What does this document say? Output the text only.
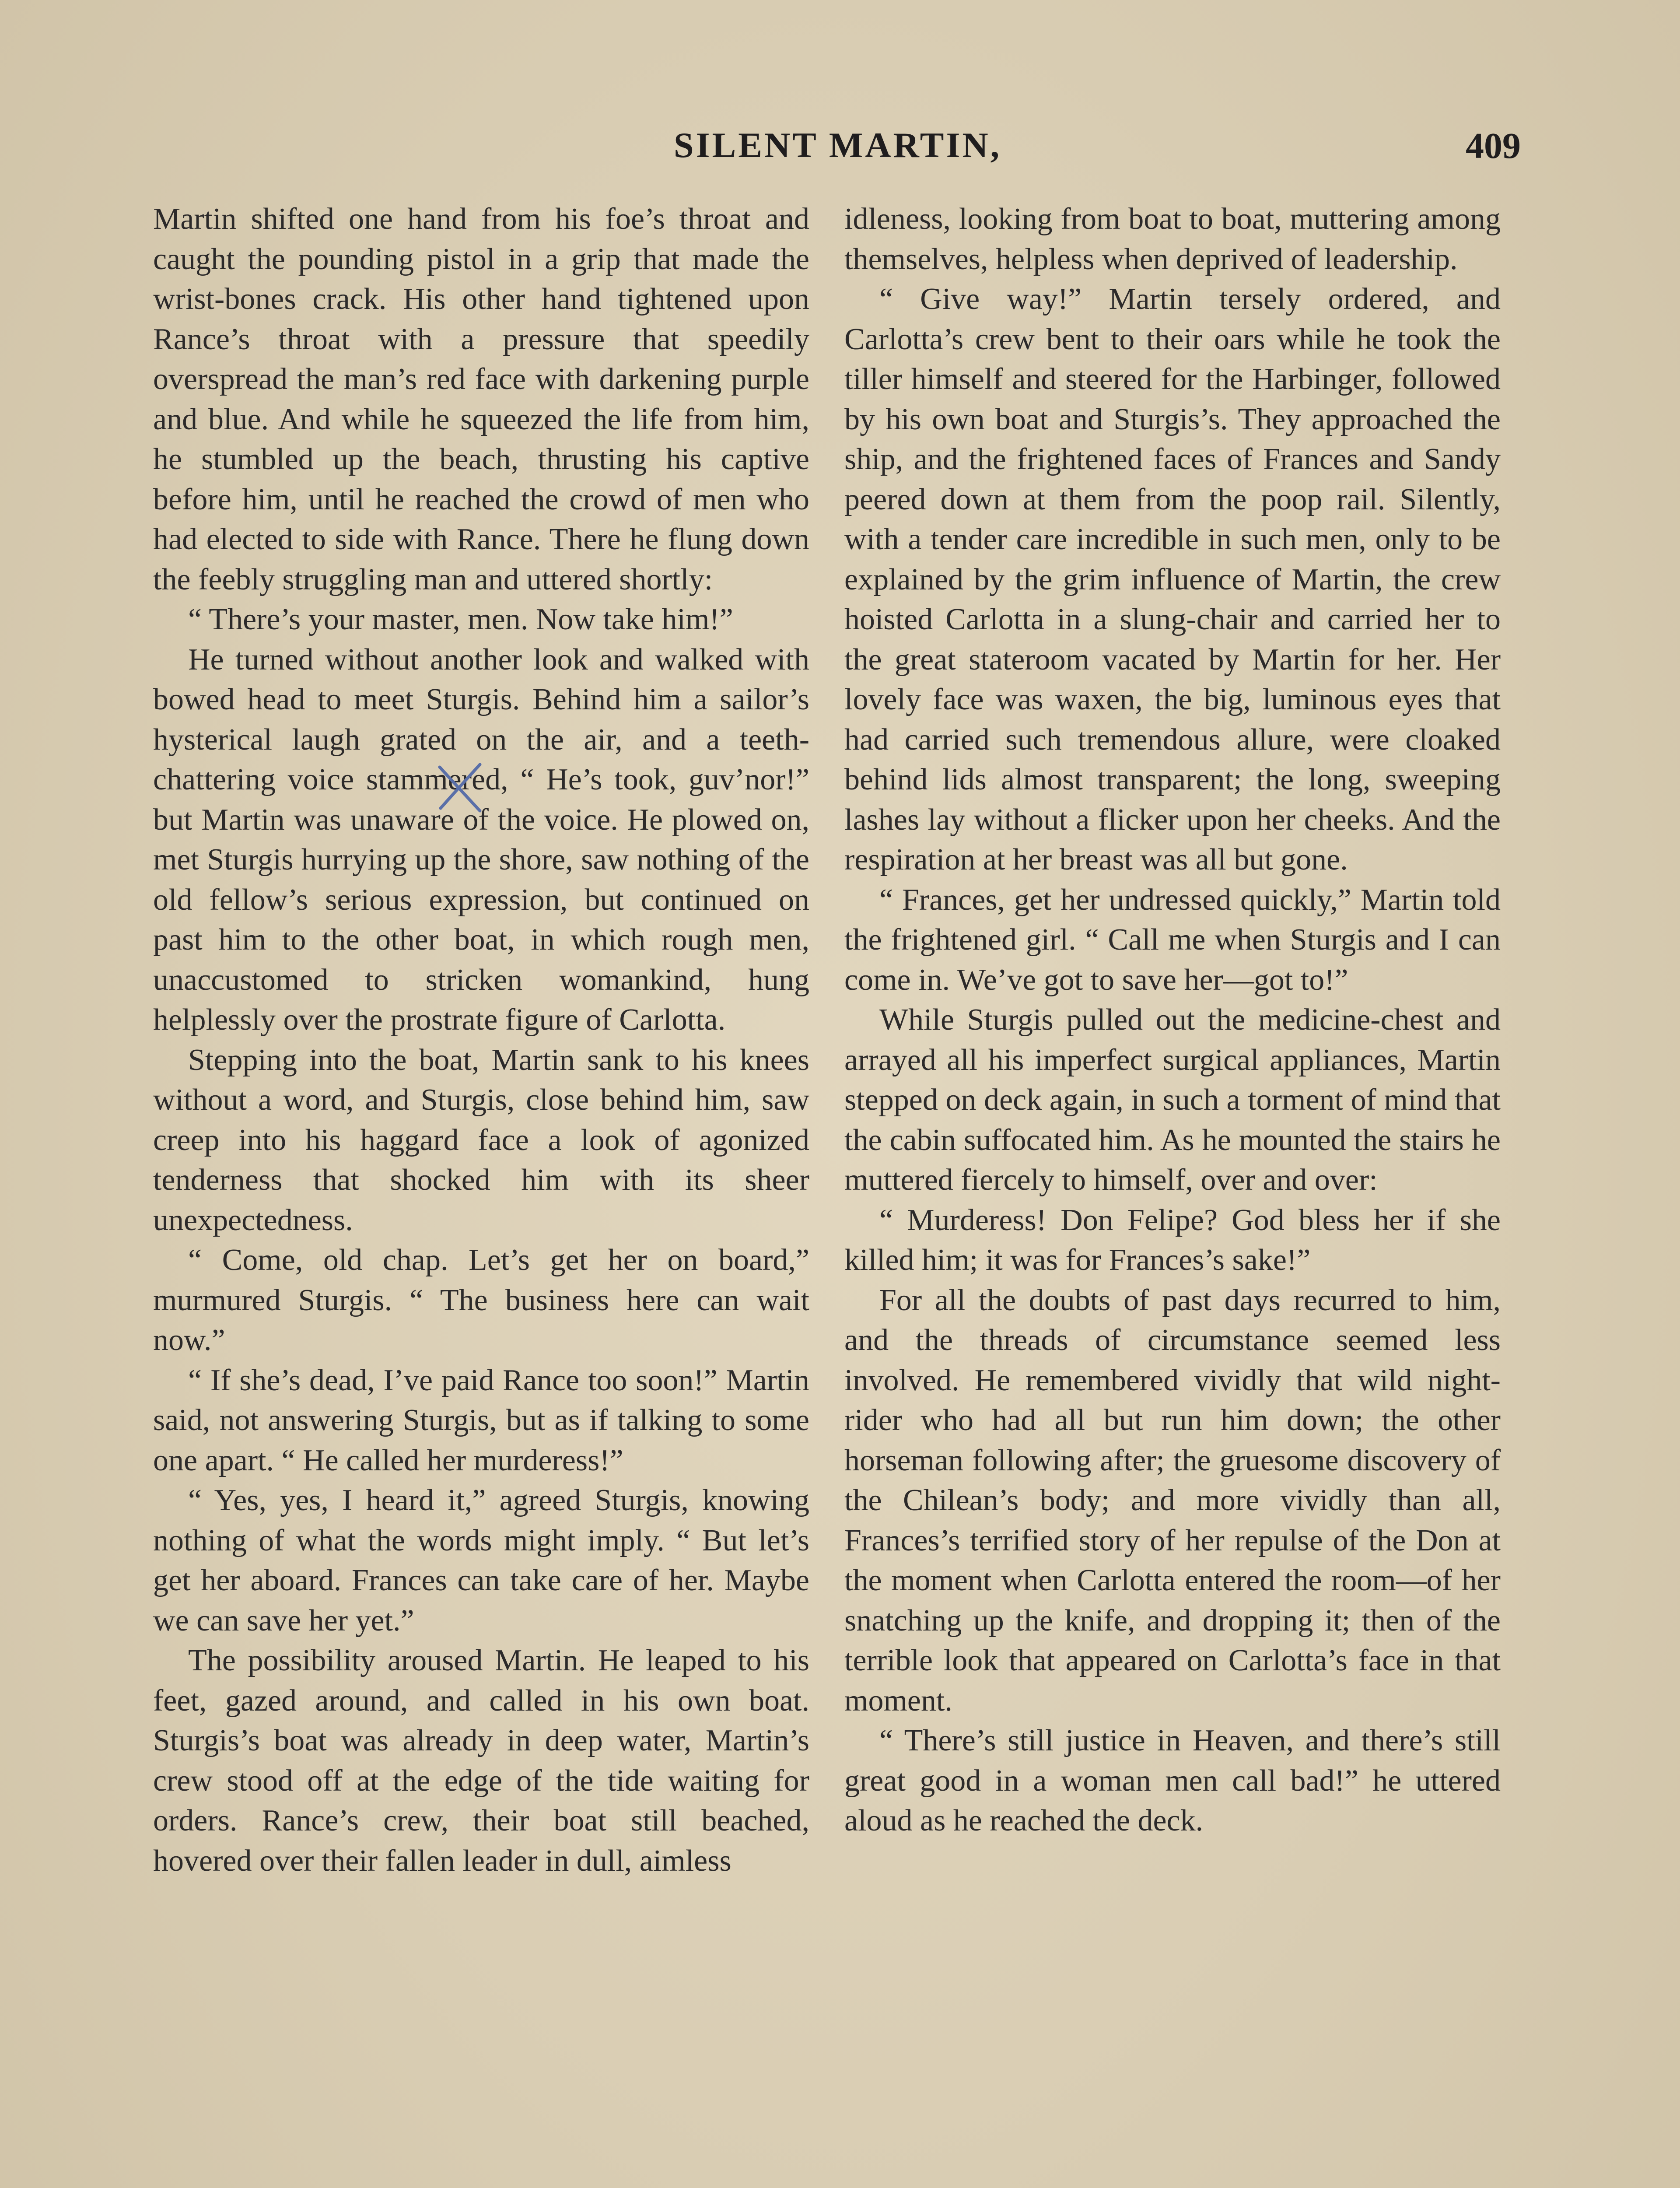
SILENT MARTIN,	409

Martin shifted one hand from his foe’s throat and caught the pounding pistol in a grip that made the wrist-bones crack. His other hand tightened upon Rance’s throat with a pressure that speedily overspread the man’s red face with darkening purple and blue. And while he squeezed the life from him, he stumbled up the beach, thrusting his captive before him, until he reached the crowd of men who had elected to side with Rance. There he flung down the feebly struggling man and uttered shortly:

“ There’s your master, men. Now take him!”

He turned without another look and walked with bowed head to meet Sturgis. Behind him a sailor’s hysterical laugh grated on the air, and a teeth-chattering voice stammered, “ He’s took, guv’nor!” but Martin was unaware of the voice. He plowed on, met Sturgis hurrying up the shore, saw nothing of the old fellow’s serious expression, but continued on past him to the other boat, in which rough men, unaccustomed to stricken womankind, hung helplessly over the prostrate figure of Carlotta.

Stepping into the boat, Martin sank to his knees without a word, and Sturgis, close behind him, saw creep into his haggard face a look of agonized tenderness that shocked him with its sheer unexpectedness.

“ Come, old chap. Let’s get her on board,” murmured Sturgis. “ The business here can wait now.”

“ If she’s dead, I’ve paid Rance too soon!” Martin said, not answering Sturgis, but as if talking to some one apart. “ He called her murderess!”

“ Yes, yes, I heard it,” agreed Sturgis, knowing nothing of what the words might imply. “ But let’s get her aboard. Frances can take care of her. Maybe we can save her yet.”

The possibility aroused Martin. He leaped to his feet, gazed around, and called in his own boat. Sturgis’s boat was already in deep water, Martin’s crew stood off at the edge of the tide waiting for orders. Rance’s crew, their boat still beached, hovered over their fallen leader in dull, aimless

idleness, looking from boat to boat, muttering among themselves, helpless when deprived of leadership.

“ Give way!” Martin tersely ordered, and Carlotta’s crew bent to their oars while he took the tiller himself and steered for the Harbinger, followed by his own boat and Sturgis’s. They approached the ship, and the frightened faces of Frances and Sandy peered down at them from the poop rail. Silently, with a tender care incredible in such men, only to be explained by the grim influence of Martin, the crew hoisted Carlotta in a slung-chair and carried her to the great stateroom vacated by Martin for her. Her lovely face was waxen, the big, luminous eyes that had carried such tremendous allure, were cloaked behind lids almost transparent; the long, sweeping lashes lay without a flicker upon her cheeks. And the respiration at her breast was all but gone.

“ Frances, get her undressed quickly,” Martin told the frightened girl. “ Call me when Sturgis and I can come in. We’ve got to save her—got to!”

While Sturgis pulled out the medicine-chest and arrayed all his imperfect surgical appliances, Martin stepped on deck again, in such a torment of mind that the cabin suffocated him. As he mounted the stairs he muttered fiercely to himself, over and over:

“ Murderess! Don Felipe? God bless her if she killed him; it was for Frances’s sake!”

For all the doubts of past days recurred to him, and the threads of circumstance seemed less involved. He remembered vividly that wild night-rider who had all but run him down; the other horseman following after; the gruesome discovery of the Chilean’s body; and more vividly than all, Frances’s terrified story of her repulse of the Don at the moment when Carlotta entered the room—of her snatching up the knife, and dropping it; then of the terrible look that appeared on Carlotta’s face in that moment.

“ There’s still justice in Heaven, and there’s still great good in a woman men call bad!” he uttered aloud as he reached the deck.
